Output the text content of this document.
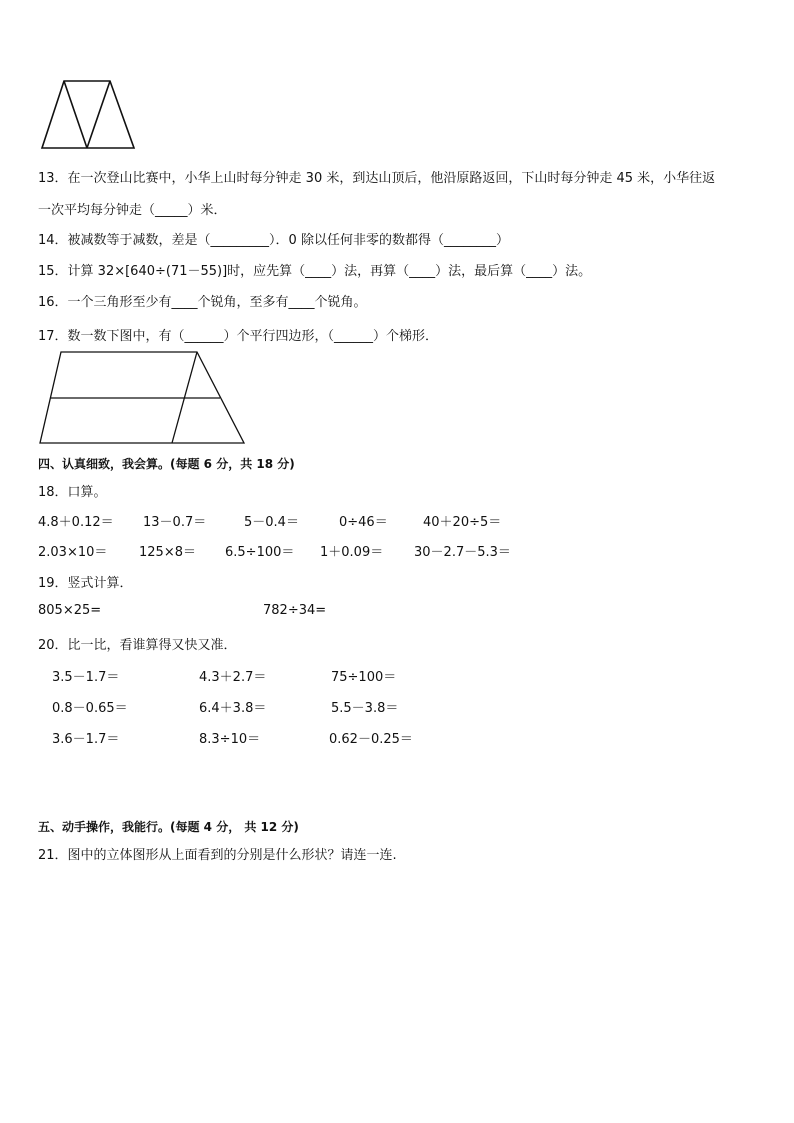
13．在一次登山比赛中，小华上山时每分钟走 30 米，到达山顶后，他沿原路返回，下山时每分钟走 45 米，小华往返
一次平均每分钟走（_____）米．
14．被减数等于减数，差是（_________）．0 除以任何非零的数都得（________）
15．计算 32×[640÷(71－55)]时，应先算（____）法，再算（____）法，最后算（____）法。
16．一个三角形至少有____个锐角，至多有____个锐角。
17．数一数下图中，有（______）个平行四边形，（______）个梯形．
四、认真细致，我会算。(每题 6 分，共 18 分)
18．口算。
4.8＋0.12＝ 13－0.7＝	5－0.4＝	0÷46＝	40＋20÷5＝
2.03×10＝ 125×8＝ 6.5÷100＝ 1＋0.09＝ 30－2.7－5.3＝
19．竖式计算．
805×25=	782÷34=
20．比一比，看谁算得又快又准．
3.5－1.7＝	4.3＋2.7＝	75÷100＝
0.8－0.65＝	6.4＋3.8＝	5.5－3.8＝
3.6－1.7＝	8.3÷10＝	0.62－0.25＝
五、动手操作，我能行。(每题 4 分， 共 12 分)
21．图中的立体图形从上面看到的分别是什么形状？请连一连.
